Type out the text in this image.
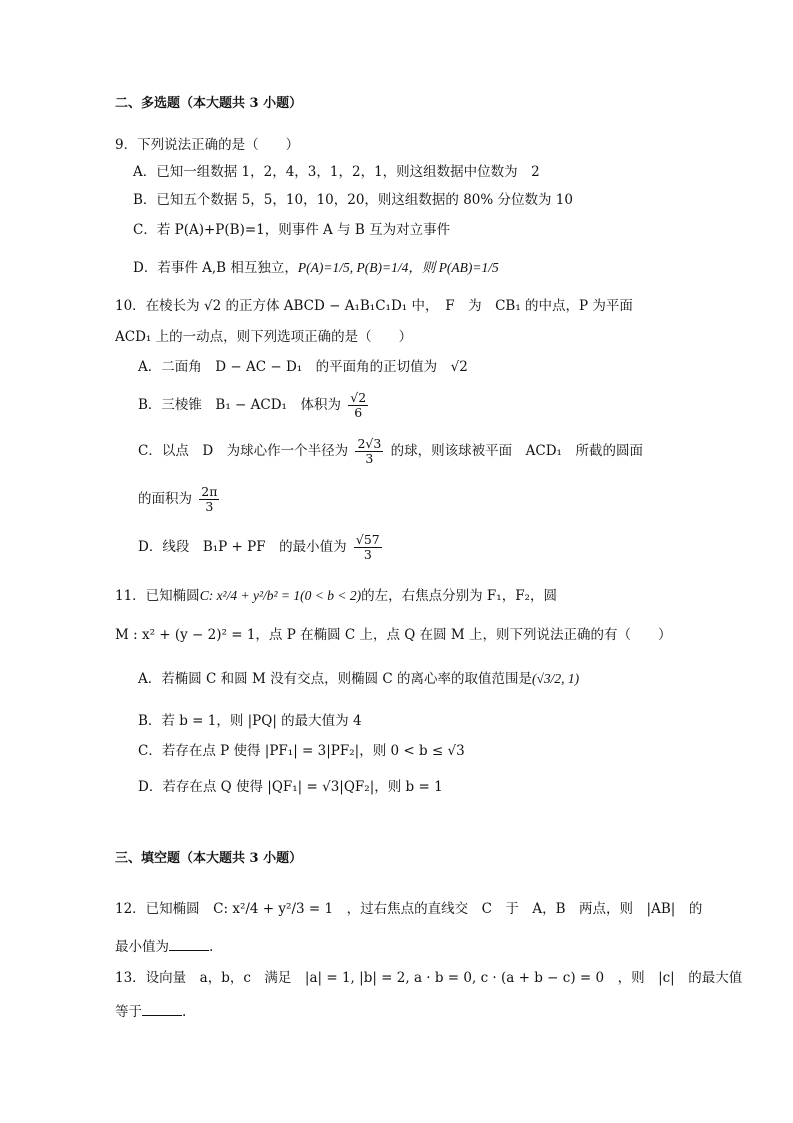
二、多选题（本大题共 3 小题）
9．下列说法正确的是（　　）
A．已知一组数据 1，2，4，3，1，2，1，则这组数据中位数为　2
B．已知五个数据 5，5，10，10，20，则这组数据的 80% 分位数为 10
C．若 P(A)+P(B)=1，则事件 A 与 B 互为对立事件
D．若事件 A,B 相互独立，P(A)=1/5, P(B)=1/4，则 P(AB)=1/5
10．在棱长为 √2 的正方体 ABCD − A₁B₁C₁D₁ 中，　F　为　CB₁ 的中点，P 为平面
ACD₁ 上的一动点，则下列选项正确的是（　　）
A．二面角　D − AC − D₁　的平面角的正切值为　√2
B．三棱锥　B₁ − ACD₁　体积为 $\frac{√2}{6}$
C．以点　D　为球心作一个半径为 $\frac{2√3}{3}$ 的球，则该球被平面　ACD₁　所截的圆面
的面积为 $\frac{2\pi}{3}$
D．线段　B₁P + PF　的最小值为 $\frac{√57}{3}$
11．已知椭圆C: x²/4 + y²/b² = 1(0 < b < 2)的左，右焦点分别为 F₁，F₂，圆
M : x² + (y − 2)² = 1，点 P 在椭圆 C 上，点 Q 在圆 M 上，则下列说法正确的有（　　）
A．若椭圆 C 和圆 M 没有交点，则椭圆 C 的离心率的取值范围是(√3/2, 1)
B．若 b = 1，则 |PQ| 的最大值为 4
C．若存在点 P 使得 |PF₁| = 3|PF₂|，则 0 < b ≤ √3
D．若存在点 Q 使得 |QF₁| = √3|QF₂|，则 b = 1
三、填空题（本大题共 3 小题）
12．已知椭圆　C: x²/4 + y²/3 = 1　，过右焦点的直线交　C　于　A，B　两点，则　|AB|　的
最小值为	.
13．设向量　a，b，c　满足　|a| = 1, |b| = 2, a · b = 0, c · (a + b − c) = 0　，则　|c|　的最大值
等于	.
